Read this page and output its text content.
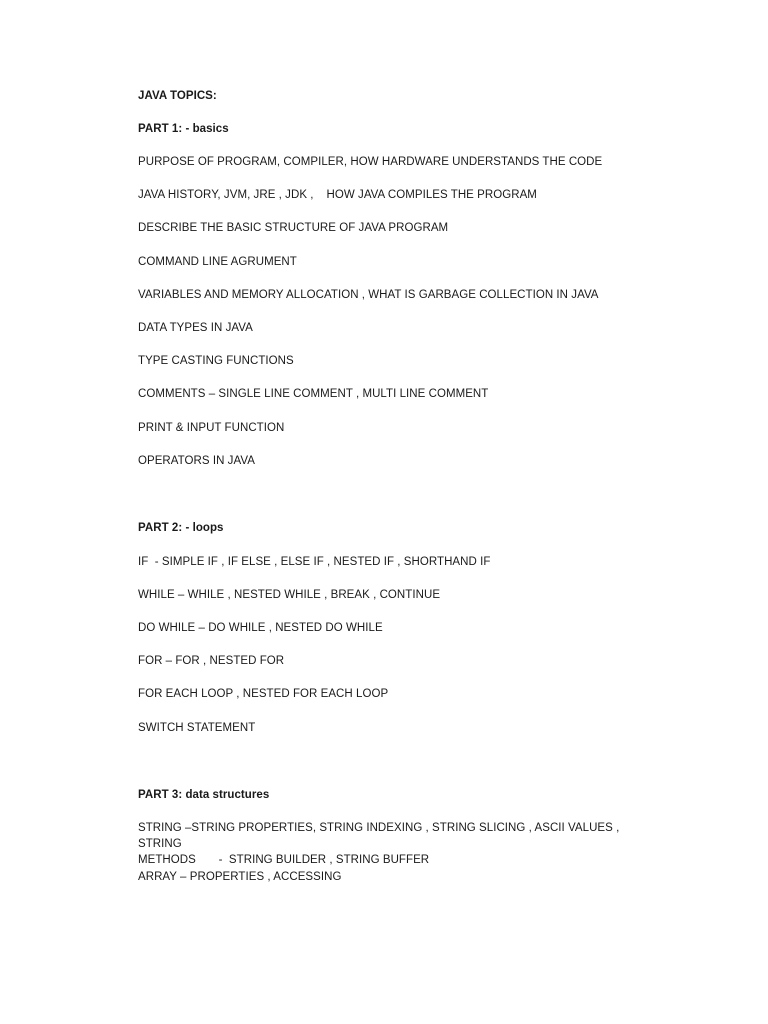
JAVA TOPICS:
PART 1: - basics
PURPOSE OF PROGRAM, COMPILER, HOW HARDWARE UNDERSTANDS THE CODE
JAVA HISTORY, JVM, JRE , JDK ,    HOW JAVA COMPILES THE PROGRAM
DESCRIBE THE BASIC STRUCTURE OF JAVA PROGRAM
COMMAND LINE AGRUMENT
VARIABLES AND MEMORY ALLOCATION , WHAT IS GARBAGE COLLECTION IN JAVA
DATA TYPES IN JAVA
TYPE CASTING FUNCTIONS
COMMENTS – SINGLE LINE COMMENT , MULTI LINE COMMENT
PRINT & INPUT FUNCTION
OPERATORS IN JAVA
PART 2: - loops
IF  - SIMPLE IF , IF ELSE , ELSE IF , NESTED IF , SHORTHAND IF
WHILE – WHILE , NESTED WHILE , BREAK , CONTINUE
DO WHILE – DO WHILE , NESTED DO WHILE
FOR – FOR , NESTED FOR
FOR EACH LOOP , NESTED FOR EACH LOOP
SWITCH STATEMENT
PART 3: data structures
STRING –STRING PROPERTIES, STRING INDEXING , STRING SLICING , ASCII VALUES , STRING
METHODS       -  STRING BUILDER , STRING BUFFER
ARRAY – PROPERTIES , ACCESSING
